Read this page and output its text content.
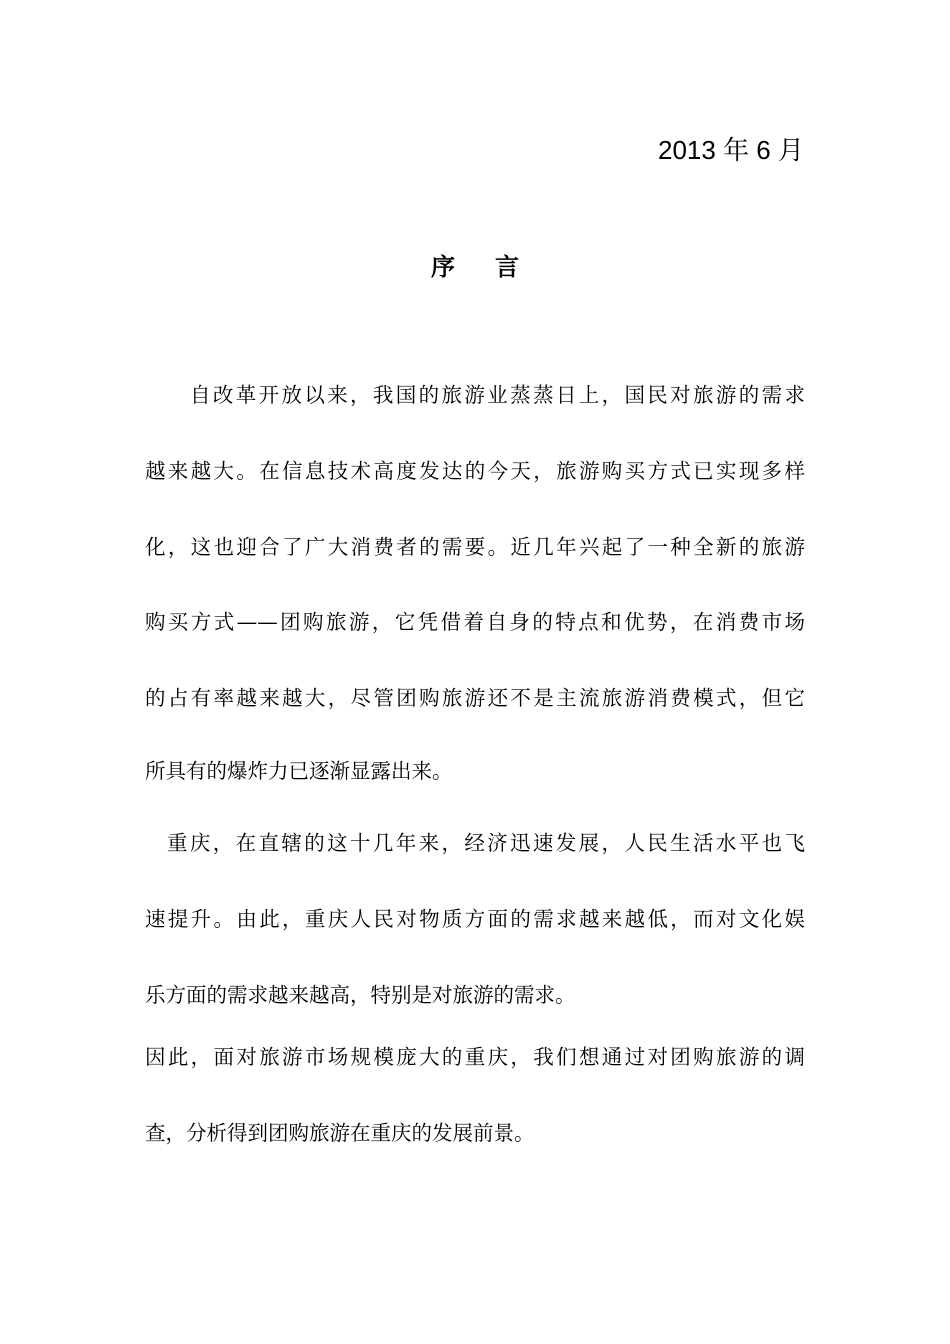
2013 年 6 月
序 言
自改革开放以来，我国的旅游业蒸蒸日上，国民对旅游的需求
越来越大。在信息技术高度发达的今天，旅游购买方式已实现多样
化，这也迎合了广大消费者的需要。近几年兴起了一种全新的旅游
购买方式——团购旅游，它凭借着自身的特点和优势，在消费市场
的占有率越来越大，尽管团购旅游还不是主流旅游消费模式，但它
所具有的爆炸力已逐渐显露出来。
重庆，在直辖的这十几年来，经济迅速发展，人民生活水平也飞
速提升。由此，重庆人民对物质方面的需求越来越低，而对文化娱
乐方面的需求越来越高，特别是对旅游的需求。
因此，面对旅游市场规模庞大的重庆，我们想通过对团购旅游的调
查，分析得到团购旅游在重庆的发展前景。
